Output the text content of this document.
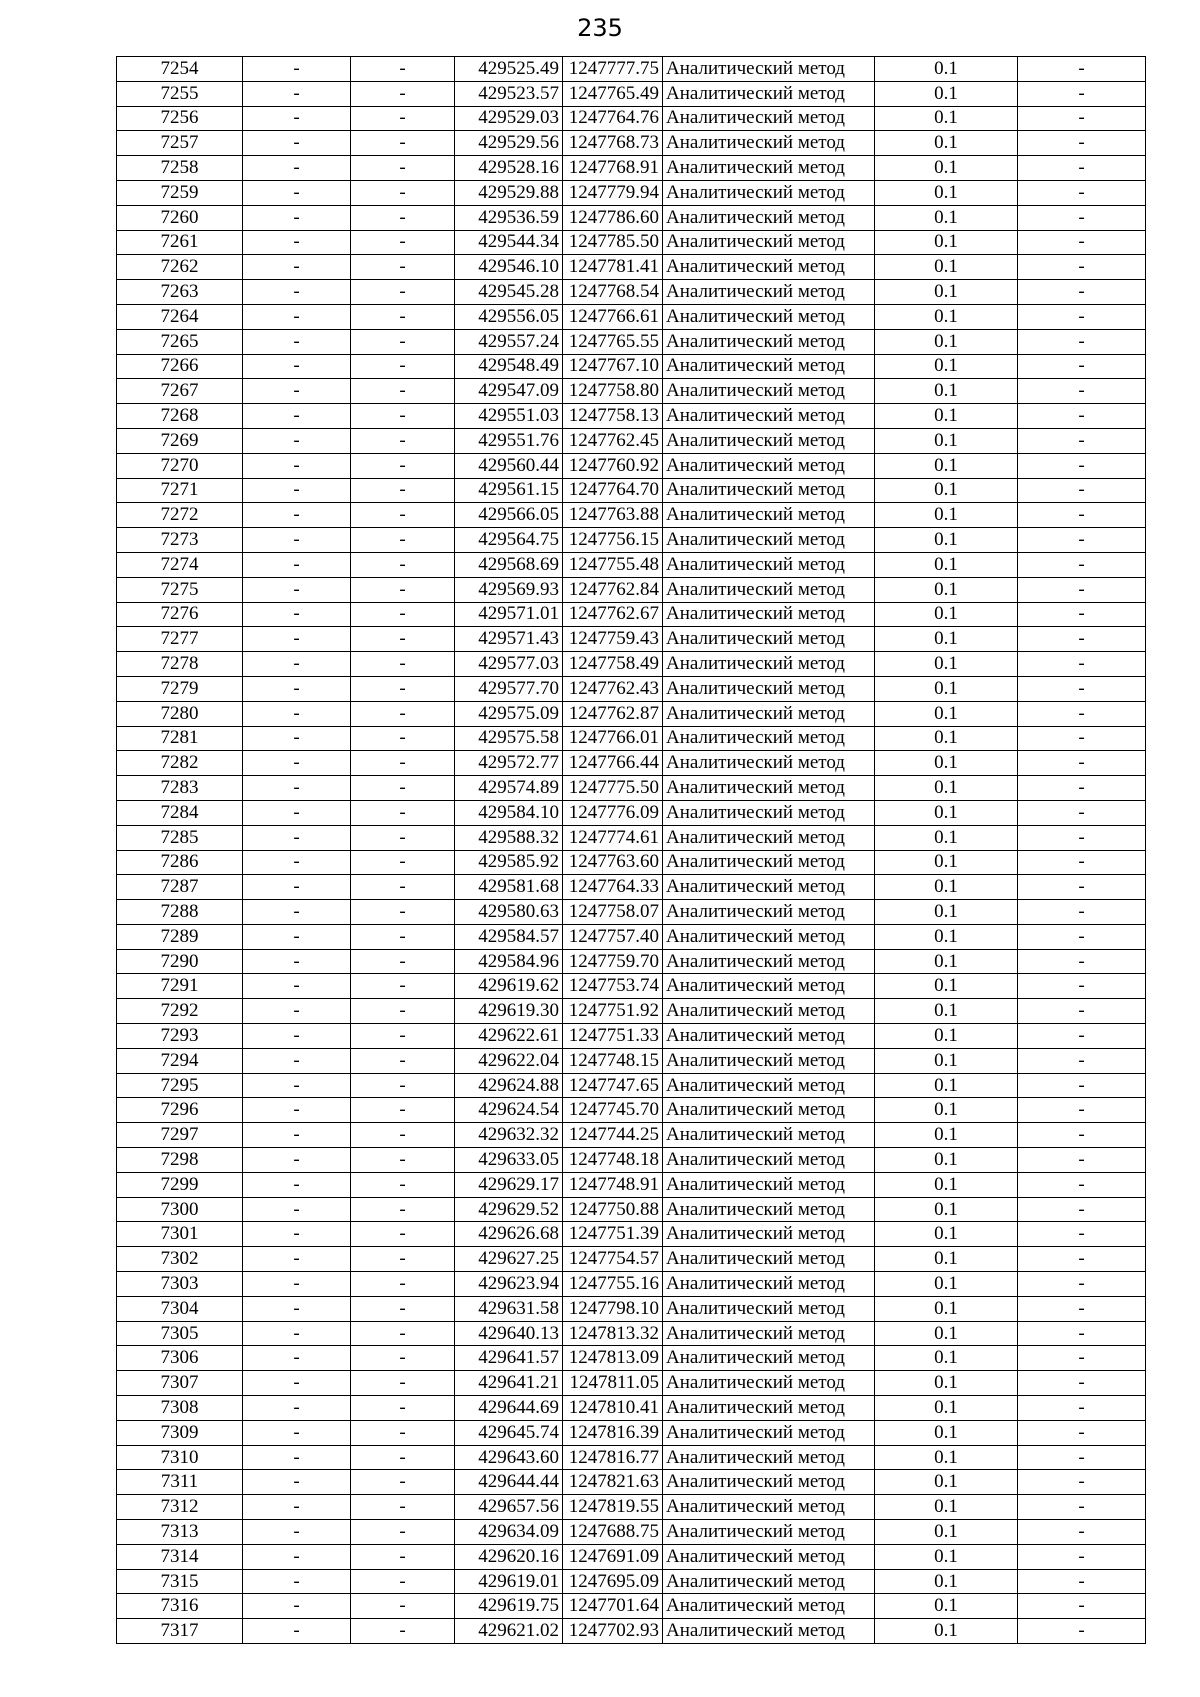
235
7254	-	-	429525.49	1247777.75	Аналитический метод	0.1	-
7255	-	-	429523.57	1247765.49	Аналитический метод	0.1	-
7256	-	-	429529.03	1247764.76	Аналитический метод	0.1	-
7257	-	-	429529.56	1247768.73	Аналитический метод	0.1	-
7258	-	-	429528.16	1247768.91	Аналитический метод	0.1	-
7259	-	-	429529.88	1247779.94	Аналитический метод	0.1	-
7260	-	-	429536.59	1247786.60	Аналитический метод	0.1	-
7261	-	-	429544.34	1247785.50	Аналитический метод	0.1	-
7262	-	-	429546.10	1247781.41	Аналитический метод	0.1	-
7263	-	-	429545.28	1247768.54	Аналитический метод	0.1	-
7264	-	-	429556.05	1247766.61	Аналитический метод	0.1	-
7265	-	-	429557.24	1247765.55	Аналитический метод	0.1	-
7266	-	-	429548.49	1247767.10	Аналитический метод	0.1	-
7267	-	-	429547.09	1247758.80	Аналитический метод	0.1	-
7268	-	-	429551.03	1247758.13	Аналитический метод	0.1	-
7269	-	-	429551.76	1247762.45	Аналитический метод	0.1	-
7270	-	-	429560.44	1247760.92	Аналитический метод	0.1	-
7271	-	-	429561.15	1247764.70	Аналитический метод	0.1	-
7272	-	-	429566.05	1247763.88	Аналитический метод	0.1	-
7273	-	-	429564.75	1247756.15	Аналитический метод	0.1	-
7274	-	-	429568.69	1247755.48	Аналитический метод	0.1	-
7275	-	-	429569.93	1247762.84	Аналитический метод	0.1	-
7276	-	-	429571.01	1247762.67	Аналитический метод	0.1	-
7277	-	-	429571.43	1247759.43	Аналитический метод	0.1	-
7278	-	-	429577.03	1247758.49	Аналитический метод	0.1	-
7279	-	-	429577.70	1247762.43	Аналитический метод	0.1	-
7280	-	-	429575.09	1247762.87	Аналитический метод	0.1	-
7281	-	-	429575.58	1247766.01	Аналитический метод	0.1	-
7282	-	-	429572.77	1247766.44	Аналитический метод	0.1	-
7283	-	-	429574.89	1247775.50	Аналитический метод	0.1	-
7284	-	-	429584.10	1247776.09	Аналитический метод	0.1	-
7285	-	-	429588.32	1247774.61	Аналитический метод	0.1	-
7286	-	-	429585.92	1247763.60	Аналитический метод	0.1	-
7287	-	-	429581.68	1247764.33	Аналитический метод	0.1	-
7288	-	-	429580.63	1247758.07	Аналитический метод	0.1	-
7289	-	-	429584.57	1247757.40	Аналитический метод	0.1	-
7290	-	-	429584.96	1247759.70	Аналитический метод	0.1	-
7291	-	-	429619.62	1247753.74	Аналитический метод	0.1	-
7292	-	-	429619.30	1247751.92	Аналитический метод	0.1	-
7293	-	-	429622.61	1247751.33	Аналитический метод	0.1	-
7294	-	-	429622.04	1247748.15	Аналитический метод	0.1	-
7295	-	-	429624.88	1247747.65	Аналитический метод	0.1	-
7296	-	-	429624.54	1247745.70	Аналитический метод	0.1	-
7297	-	-	429632.32	1247744.25	Аналитический метод	0.1	-
7298	-	-	429633.05	1247748.18	Аналитический метод	0.1	-
7299	-	-	429629.17	1247748.91	Аналитический метод	0.1	-
7300	-	-	429629.52	1247750.88	Аналитический метод	0.1	-
7301	-	-	429626.68	1247751.39	Аналитический метод	0.1	-
7302	-	-	429627.25	1247754.57	Аналитический метод	0.1	-
7303	-	-	429623.94	1247755.16	Аналитический метод	0.1	-
7304	-	-	429631.58	1247798.10	Аналитический метод	0.1	-
7305	-	-	429640.13	1247813.32	Аналитический метод	0.1	-
7306	-	-	429641.57	1247813.09	Аналитический метод	0.1	-
7307	-	-	429641.21	1247811.05	Аналитический метод	0.1	-
7308	-	-	429644.69	1247810.41	Аналитический метод	0.1	-
7309	-	-	429645.74	1247816.39	Аналитический метод	0.1	-
7310	-	-	429643.60	1247816.77	Аналитический метод	0.1	-
7311	-	-	429644.44	1247821.63	Аналитический метод	0.1	-
7312	-	-	429657.56	1247819.55	Аналитический метод	0.1	-
7313	-	-	429634.09	1247688.75	Аналитический метод	0.1	-
7314	-	-	429620.16	1247691.09	Аналитический метод	0.1	-
7315	-	-	429619.01	1247695.09	Аналитический метод	0.1	-
7316	-	-	429619.75	1247701.64	Аналитический метод	0.1	-
7317	-	-	429621.02	1247702.93	Аналитический метод	0.1	-
